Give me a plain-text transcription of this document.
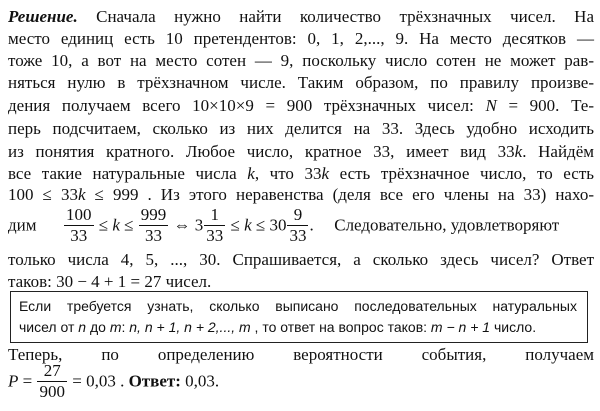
Решение. Сначала нужно найти количество трёхзначных чисел. На
место единиц есть 10 претендентов: 0, 1, 2,..., 9. На место десятков —
тоже 10, а вот на место сотен — 9, поскольку число сотен не может рав-
няться нулю в трёхзначном числе. Таким образом, по правилу произве-
дения получаем всего 10×10×9 = 900 трёхзначных чисел: N = 900. Те-
перь подсчитаем, сколько из них делится на 33. Здесь удобно исходить
из понятия кратного. Любое число, кратное 33, имеет вид 33k. Найдём
все такие натуральные числа k, что 33k есть трёхзначное число, то есть
100 ≤ 33k ≤ 999 . Из этого неравенства (деля все его члены на 33) нахо-
дим $\frac{100}{33} \le k \le \frac{999}{33}$ ⇔ $3 \frac{1}{33} \le k \le 30 \frac{9}{33}$ . Следовательно, удовлетворяют
только числа 4, 5, ..., 30. Спрашивается, а сколько здесь чисел? Ответ
таков: 30 − 4 + 1 = 27 чисел.
Если требуется узнать, сколько выписано последовательных натуральных
чисел от n до m: n, n + 1, n + 2,..., m , то ответ на вопрос таков: m − n + 1 число.
Теперь, по определению вероятности события, получаем
$P = \frac{27}{900} = 0,03$ . Ответ: 0,03.
